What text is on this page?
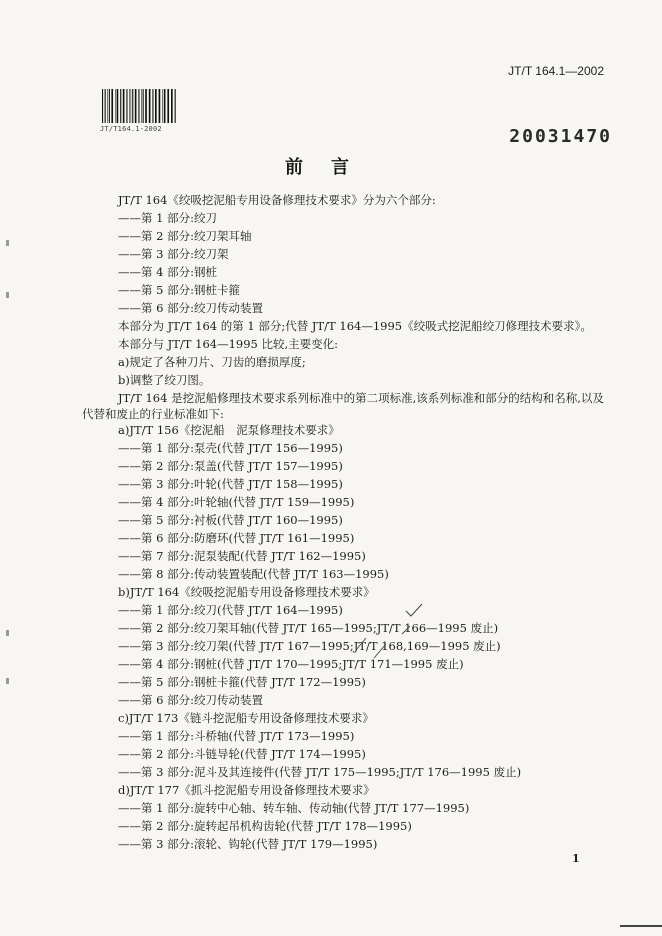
JT/T 164.1—2002
JT/T164.1-2002	20031470
前言
JT/T 164《绞吸挖泥船专用设备修理技术要求》分为六个部分:
——第 1 部分:绞刀
——第 2 部分:绞刀架耳轴
——第 3 部分:绞刀架
——第 4 部分:钢桩
——第 5 部分:钢桩卡箍
——第 6 部分:绞刀传动装置
本部分为 JT/T 164 的第 1 部分;代替 JT/T 164—1995《绞吸式挖泥船绞刀修理技术要求》。
本部分与 JT/T 164—1995 比较,主要变化:
a)规定了各种刀片、刀齿的磨损厚度;
b)调整了绞刀图。
JT/T 164 是挖泥船修理技术要求系列标准中的第二项标准,该系列标准和部分的结构和名称,以及
代替和废止的行业标准如下:
a)JT/T 156《挖泥船　泥泵修理技术要求》
——第 1 部分:泵壳(代替 JT/T 156—1995)
——第 2 部分:泵盖(代替 JT/T 157—1995)
——第 3 部分:叶轮(代替 JT/T 158—1995)
——第 4 部分:叶轮轴(代替 JT/T 159—1995)
——第 5 部分:衬板(代替 JT/T 160—1995)
——第 6 部分:防磨环(代替 JT/T 161—1995)
——第 7 部分:泥泵装配(代替 JT/T 162—1995)
——第 8 部分:传动装置装配(代替 JT/T 163—1995)
b)JT/T 164《绞吸挖泥船专用设备修理技术要求》
——第 1 部分:绞刀(代替 JT/T 164—1995)
——第 2 部分:绞刀架耳轴(代替 JT/T 165—1995;JT/T 166—1995 废止)
——第 3 部分:绞刀架(代替 JT/T 167—1995;JT/T 168,169—1995 废止)
——第 4 部分:钢桩(代替 JT/T 170—1995;JT/T 171—1995 废止)
——第 5 部分:钢桩卡箍(代替 JT/T 172—1995)
——第 6 部分:绞刀传动装置
c)JT/T 173《链斗挖泥船专用设备修理技术要求》
——第 1 部分:斗桥轴(代替 JT/T 173—1995)
——第 2 部分:斗链导轮(代替 JT/T 174—1995)
——第 3 部分:泥斗及其连接件(代替 JT/T 175—1995;JT/T 176—1995 废止)
d)JT/T 177《抓斗挖泥船专用设备修理技术要求》
——第 1 部分:旋转中心轴、转车轴、传动轴(代替 JT/T 177—1995)
——第 2 部分:旋转起吊机构齿轮(代替 JT/T 178—1995)
——第 3 部分:滚轮、钩轮(代替 JT/T 179—1995)
1
